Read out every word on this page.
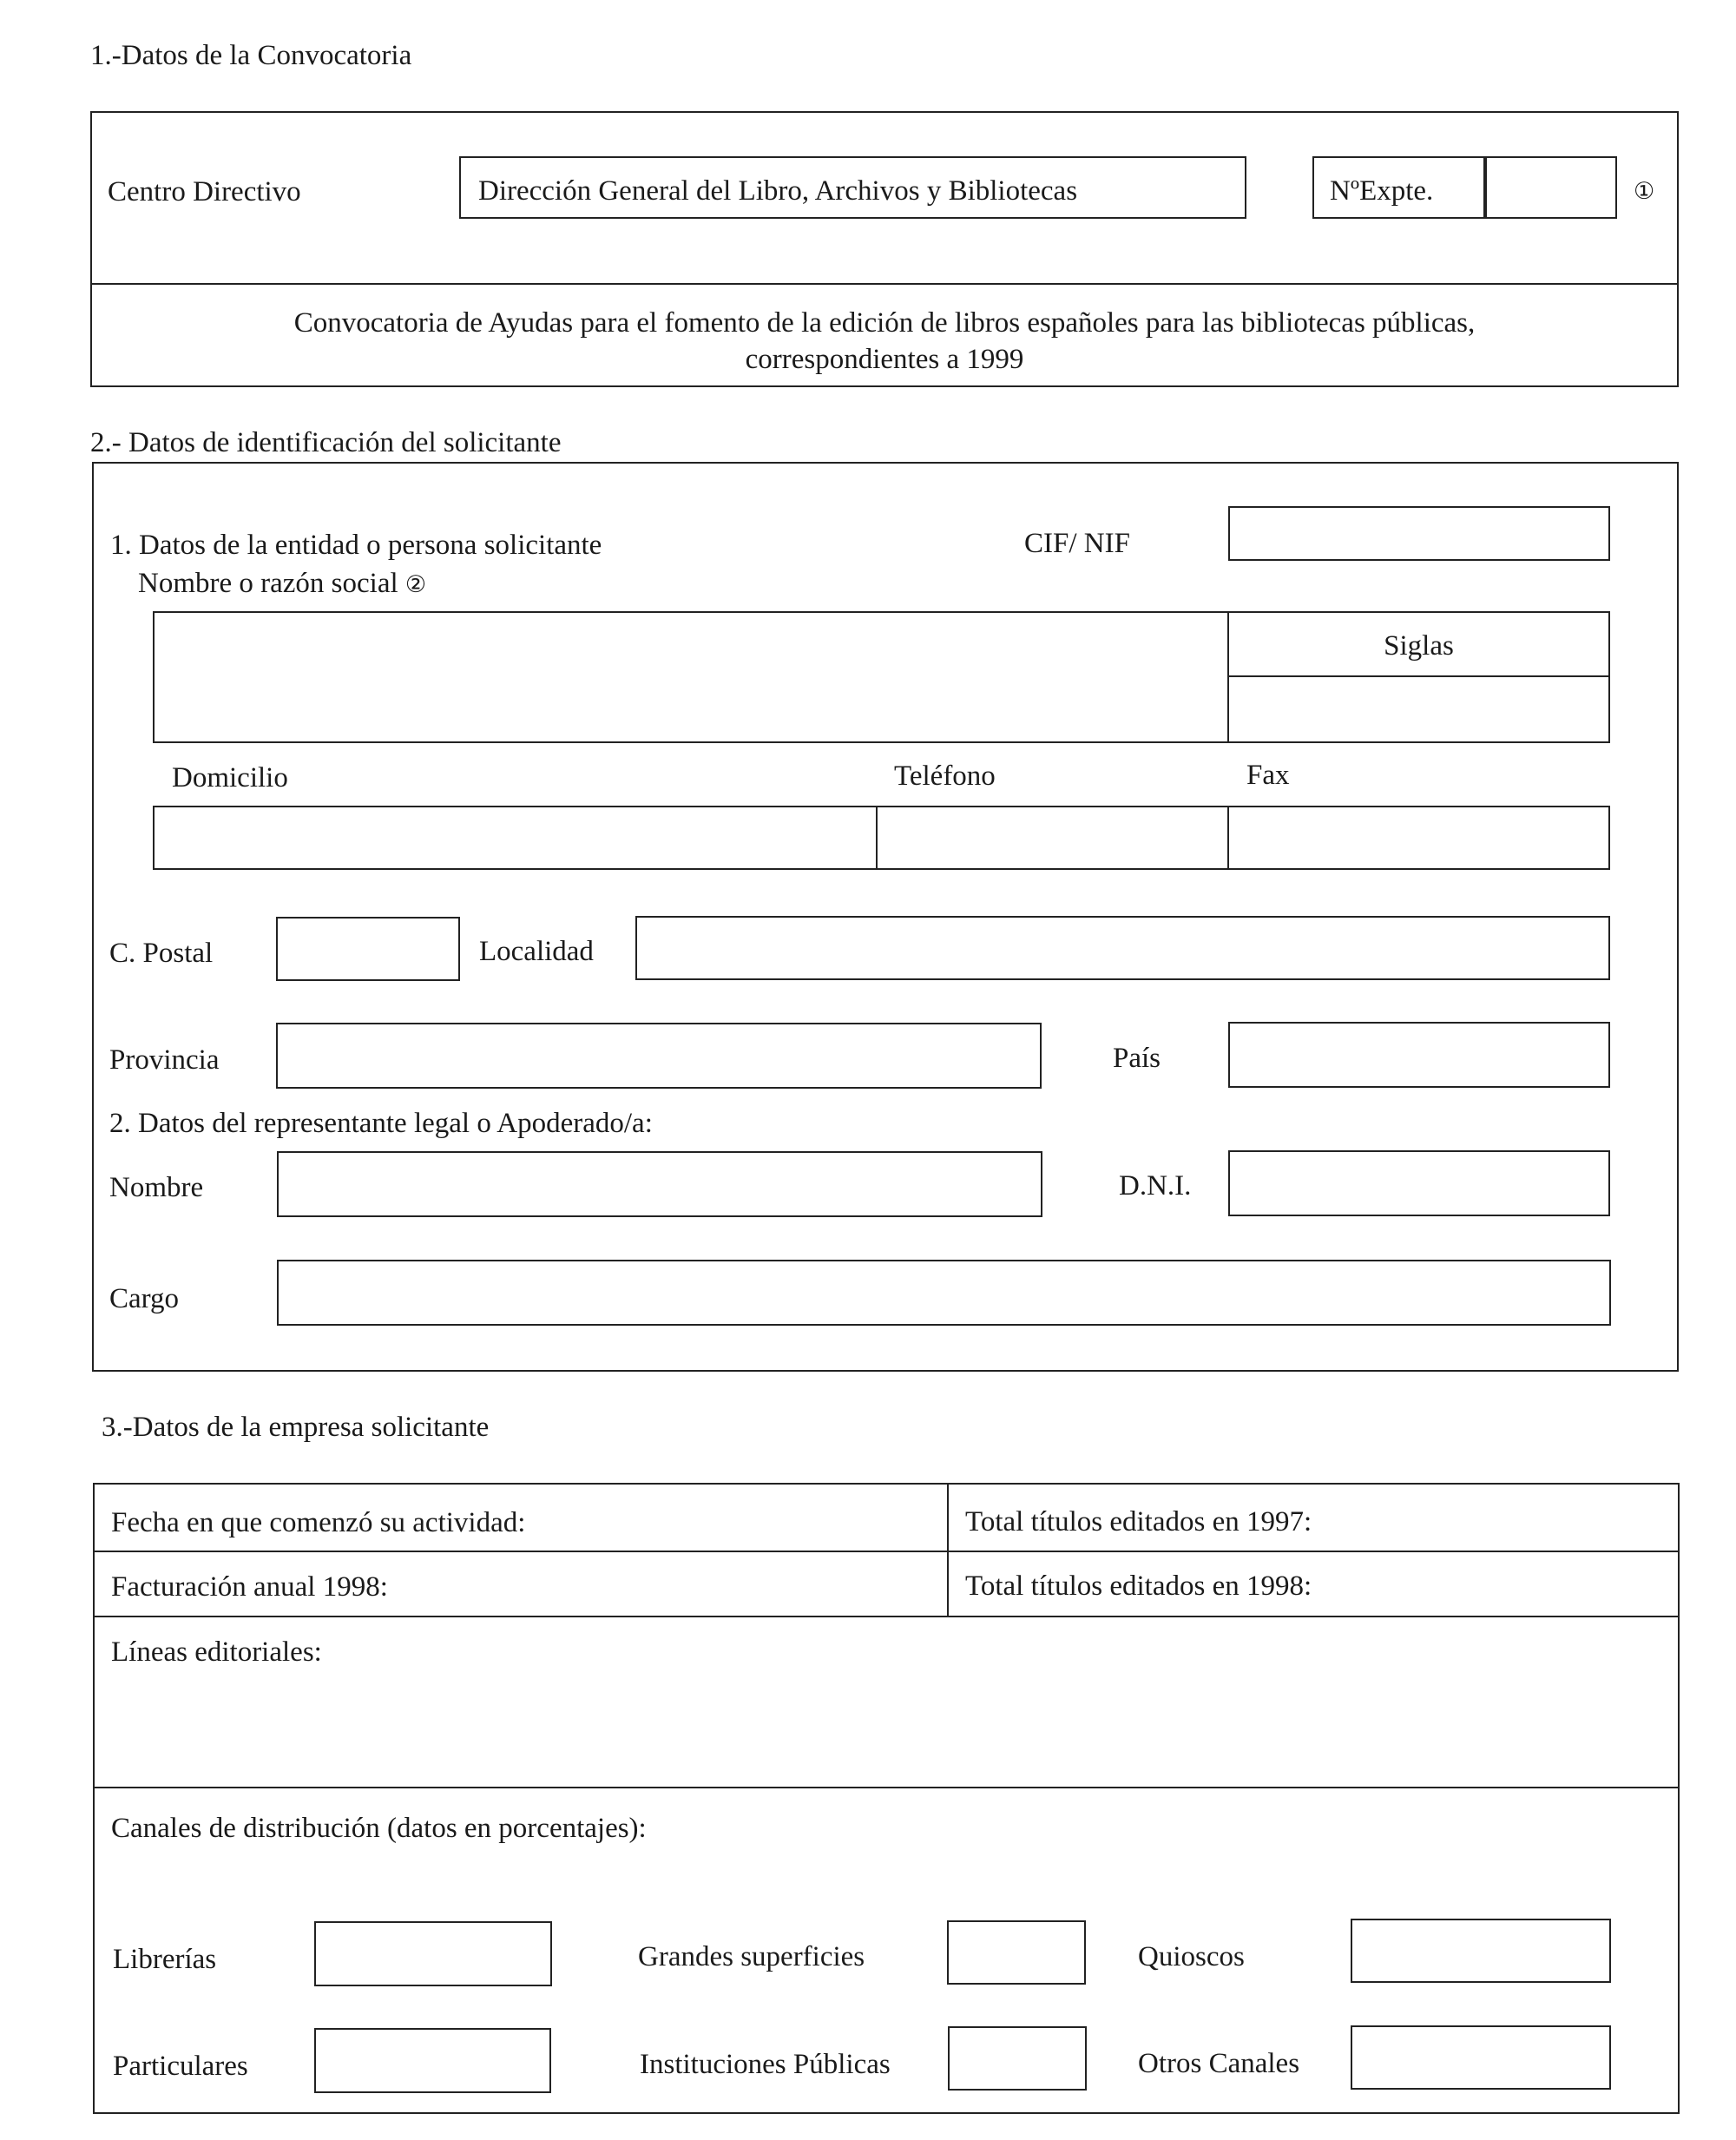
1.-Datos de la Convocatoria
Centro Directivo	Dirección General del Libro, Archivos y Bibliotecas	NºExpte.	①
Convocatoria de Ayudas para el fomento de la edición de libros españoles para las bibliotecas públicas,
correspondientes a 1999
2.- Datos de identificación del solicitante
1. Datos de la entidad o persona solicitante	CIF/ NIF
Nombre o razón social ②
Siglas
Domicilio	Teléfono	Fax
C. Postal	Localidad
Provincia	País
2. Datos del representante legal o Apoderado/a:
Nombre	D.N.I.
Cargo
3.-Datos de la empresa solicitante
Fecha en que comenzó su actividad:	Total títulos editados en 1997:
Facturación anual 1998:	Total títulos editados en 1998:
Líneas editoriales:
Canales de distribución (datos en porcentajes):
Librerías	Grandes superficies	Quioscos
Particulares	Instituciones Públicas	Otros Canales
